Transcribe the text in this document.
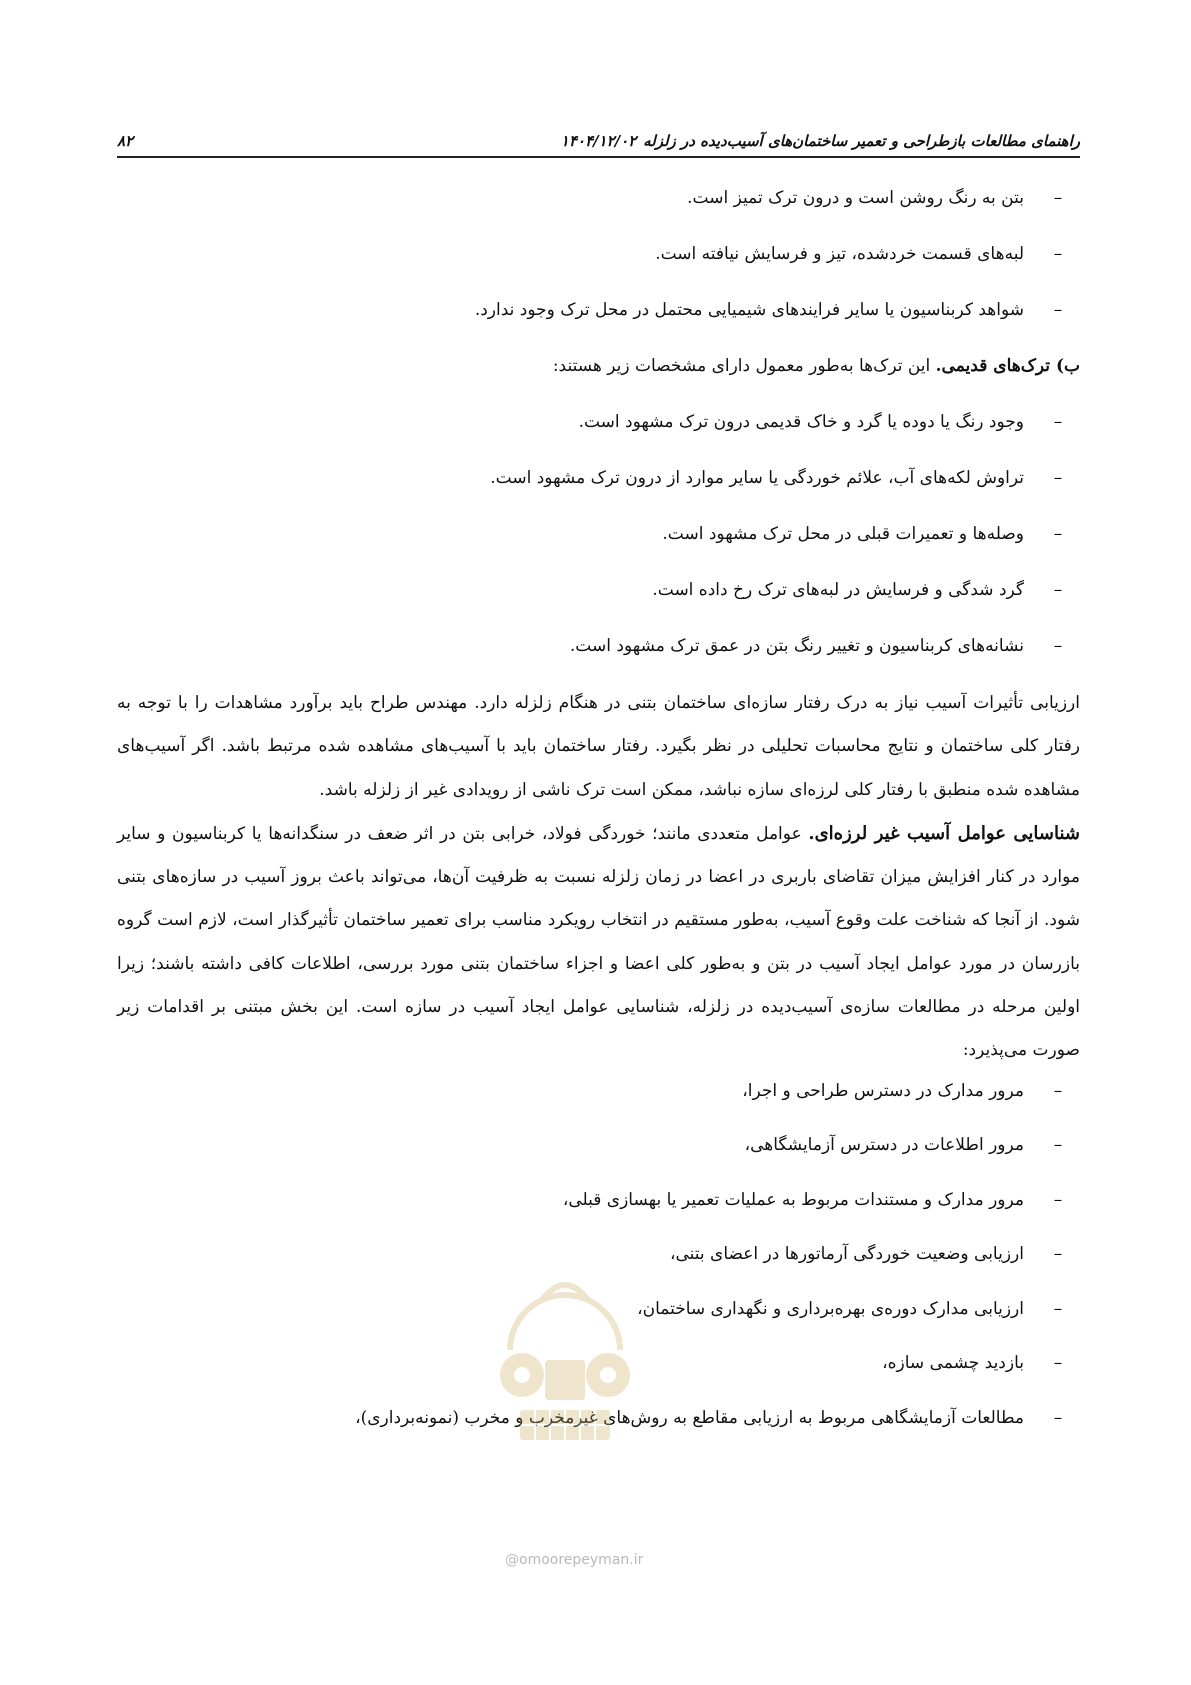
راهنمای مطالعات بازطراحی و تعمیر ساختمان‌های آسیب‌دیده در زلزله
۱۴۰۴/۱۲/۰۲
۸۲
–
بتن به رنگ روشن است و درون ترک تمیز است.
–
لبه‌های قسمت خردشده، تیز و فرسایش نیافته است.
–
شواهد کربناسیون یا سایر فرایندهای شیمیایی محتمل در محل ترک وجود ندارد.
ب) ترک‌های قدیمی. این ترک‌ها به‌طور معمول دارای مشخصات زیر هستند:
–
وجود رنگ یا دوده یا گرد و خاک قدیمی درون ترک مشهود است.
–
تراوش لکه‌های آب، علائم خوردگی یا سایر موارد از درون ترک مشهود است.
–
وصله‌ها و تعمیرات قبلی در محل ترک مشهود است.
–
گرد شدگی و فرسایش در لبه‌های ترک رخ داده است.
–
نشانه‌های کربناسیون و تغییر رنگ بتن در عمق ترک مشهود است.

ارزیابی تأثیرات آسیب نیاز به درک رفتار سازه‌ای ساختمان بتنی در هنگام زلزله دارد. مهندس طراح باید برآورد مشاهدات را با توجه به رفتار کلی ساختمان و نتایج محاسبات تحلیلی در نظر بگیرد. رفتار ساختمان باید با آسیب‌های مشاهده شده مرتبط باشد. اگر آسیب‌های مشاهده شده منطبق با رفتار کلی لرزه‌ای سازه نباشد، ممکن است ترک ناشی از رویدادی غیر از زلزله باشد.

شناسایی عوامل آسیب غیر لرزه‌ای. عوامل متعددی مانند؛ خوردگی فولاد، خرابی بتن در اثر ضعف در سنگدانه‌ها یا کربناسیون و سایر موارد در کنار افزایش میزان تقاضای باربری در اعضا در زمان زلزله نسبت به ظرفیت آن‌ها، می‌تواند باعث بروز آسیب در سازه‌های بتنی شود. از آنجا که شناخت علت وقوع آسیب، به‌طور مستقیم در انتخاب رویکرد مناسب برای تعمیر ساختمان تأثیرگذار است، لازم است گروه بازرسان در مورد عوامل ایجاد آسیب در بتن و به‌طور کلی اعضا و اجزاء ساختمان بتنی مورد بررسی، اطلاعات کافی داشته باشند؛ زیرا اولین مرحله در مطالعات سازه‌ی آسیب‌دیده در زلزله، شناسایی عوامل ایجاد آسیب در سازه است. این بخش مبتنی بر اقدامات زیر صورت می‌پذیرد:

–
مرور مدارک در دسترس طراحی و اجرا،
–
مرور اطلاعات در دسترس آزمایشگاهی،
–
مرور مدارک و مستندات مربوط به عملیات تعمیر یا بهسازی قبلی،
–
ارزیابی وضعیت خوردگی آرماتورها در اعضای بتنی،
–
ارزیابی مدارک دوره‌ی بهره‌برداری و نگهداری ساختمان،
–
بازدید چشمی سازه،
–
مطالعات آزمایشگاهی مربوط به ارزیابی مقاطع به روش‌های غیرمخرب و مخرب (نمونه‌برداری)،
@omoorepeyman.ir
